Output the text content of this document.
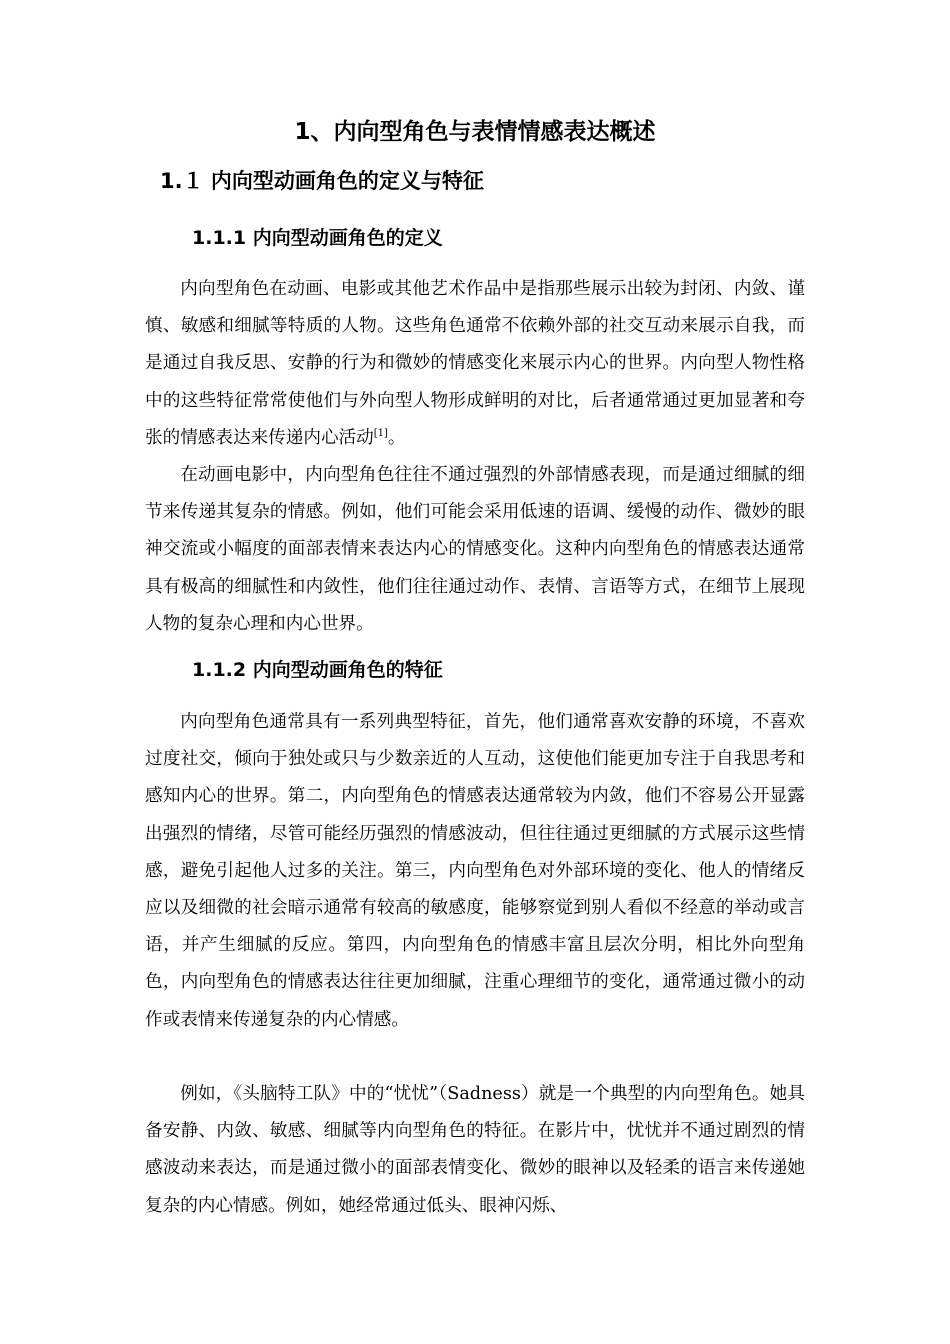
1、内向型角色与表情情感表达概述
1.１ 内向型动画角色的定义与特征
1.1.1 内向型动画角色的定义

内向型角色在动画、电影或其他艺术作品中是指那些展示出较为封闭、内敛、谨慎、敏感和细腻等特质的人物。这些角色通常不依赖外部的社交互动来展示自我，而是通过自我反思、安静的行为和微妙的情感变化来展示内心的世界。内向型人物性格中的这些特征常常使他们与外向型人物形成鲜明的对比，后者通常通过更加显著和夸张的情感表达来传递内心活动[1]。

在动画电影中，内向型角色往往不通过强烈的外部情感表现，而是通过细腻的细节来传递其复杂的情感。例如，他们可能会采用低速的语调、缓慢的动作、微妙的眼神交流或小幅度的面部表情来表达内心的情感变化。这种内向型角色的情感表达通常具有极高的细腻性和内敛性，他们往往通过动作、表情、言语等方式，在细节上展现人物的复杂心理和内心世界。

1.1.2 内向型动画角色的特征

内向型角色通常具有一系列典型特征，首先，他们通常喜欢安静的环境，不喜欢过度社交，倾向于独处或只与少数亲近的人互动，这使他们能更加专注于自我思考和感知内心的世界。第二，内向型角色的情感表达通常较为内敛，他们不容易公开显露出强烈的情绪，尽管可能经历强烈的情感波动，但往往通过更细腻的方式展示这些情感，避免引起他人过多的关注。第三，内向型角色对外部环境的变化、他人的情绪反应以及细微的社会暗示通常有较高的敏感度，能够察觉到别人看似不经意的举动或言语，并产生细腻的反应。第四，内向型角色的情感丰富且层次分明，相比外向型角色，内向型角色的情感表达往往更加细腻，注重心理细节的变化，通常通过微小的动作或表情来传递复杂的内心情感。

例如，《头脑特工队》中的“忧忧”（Sadness）就是一个典型的内向型角色。她具备安静、内敛、敏感、细腻等内向型角色的特征。在影片中，忧忧并不通过剧烈的情感波动来表达，而是通过微小的面部表情变化、微妙的眼神以及轻柔的语言来传递她复杂的内心情感。例如，她经常通过低头、眼神闪烁、
